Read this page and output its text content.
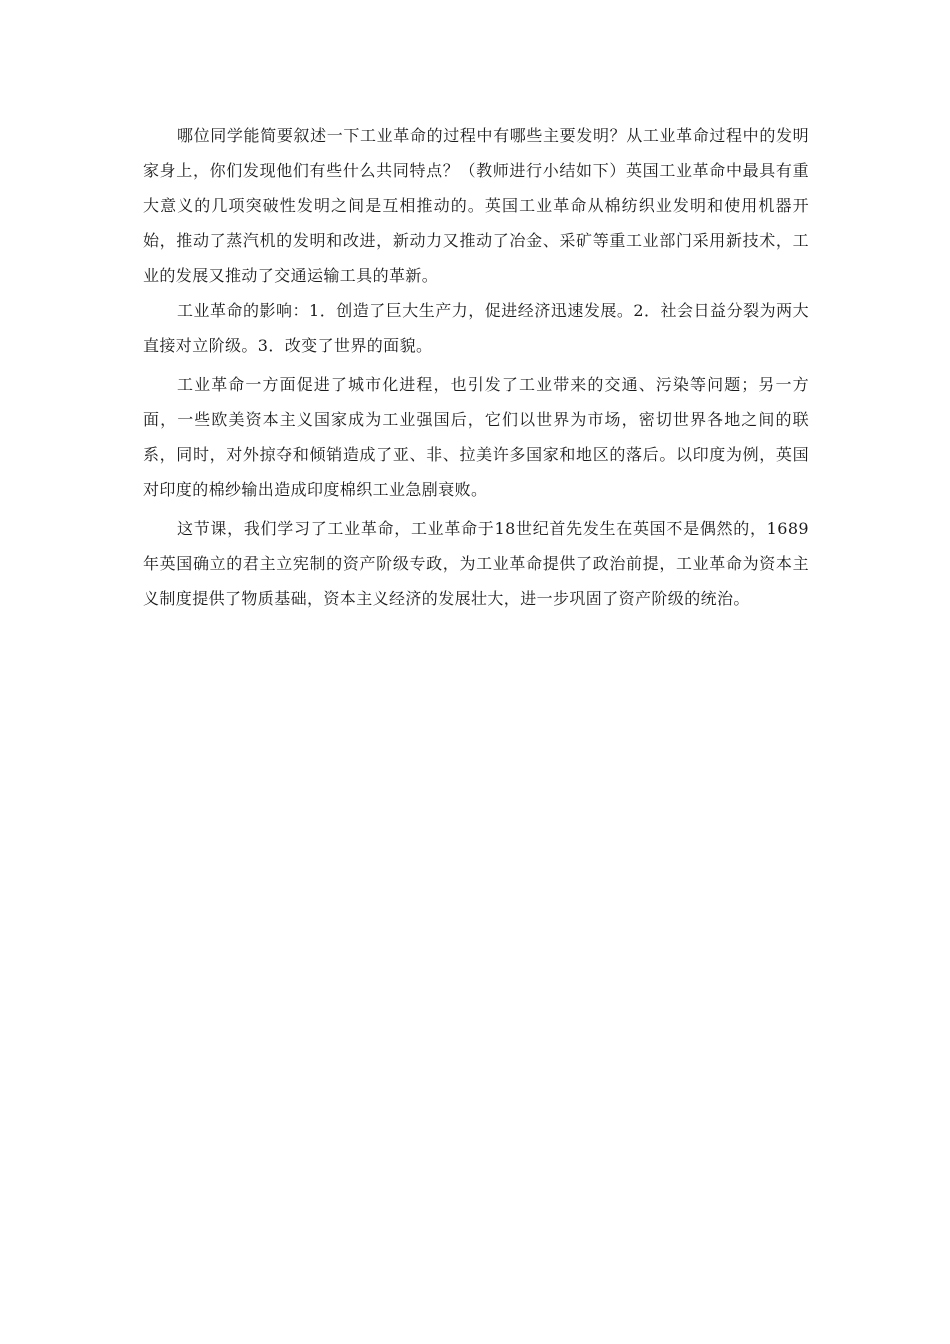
哪位同学能简要叙述一下工业革命的过程中有哪些主要发明？从工业革命过程中的发明家身上，你们发现他们有些什么共同特点？（教师进行小结如下）英国工业革命中最具有重大意义的几项突破性发明之间是互相推动的。英国工业革命从棉纺织业发明和使用机器开始，推动了蒸汽机的发明和改进，新动力又推动了冶金、采矿等重工业部门采用新技术，工业的发展又推动了交通运输工具的革新。

工业革命的影响：1．创造了巨大生产力，促进经济迅速发展。2．社会日益分裂为两大直接对立阶级。3．改变了世界的面貌。

工业革命一方面促进了城市化进程，也引发了工业带来的交通、污染等问题；另一方面，一些欧美资本主义国家成为工业强国后，它们以世界为市场，密切世界各地之间的联系，同时，对外掠夺和倾销造成了亚、非、拉美许多国家和地区的落后。以印度为例，英国对印度的棉纱输出造成印度棉织工业急剧衰败。

这节课，我们学习了工业革命，工业革命于18世纪首先发生在英国不是偶然的，1689年英国确立的君主立宪制的资产阶级专政，为工业革命提供了政治前提，工业革命为资本主义制度提供了物质基础，资本主义经济的发展壮大，进一步巩固了资产阶级的统治。
